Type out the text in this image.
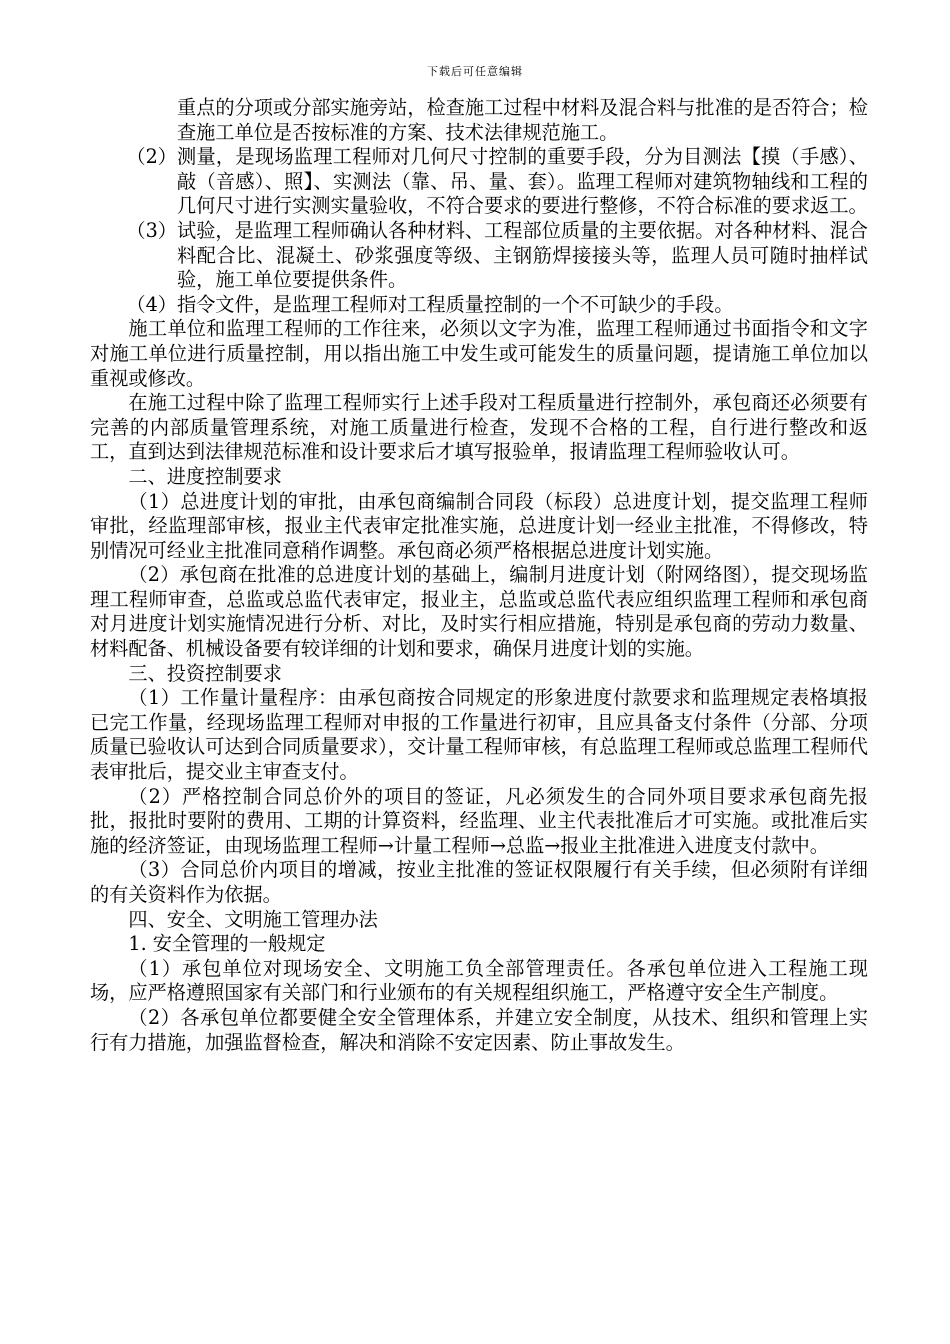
下载后可任意编辑
重点的分项或分部实施旁站，检查施工过程中材料及混合料与批准的是否符合；检查施工单位是否按标准的方案、技术法律规范施工。
（2） 测量，是现场监理工程师对几何尺寸控制的重要手段，分为目测法【摸（手感）、敲（音感）、照】、实测法（靠、吊、量、套）。监理工程师对建筑物轴线和工程的几何尺寸进行实测实量验收，不符合要求的要进行整修，不符合标准的要求返工。
（3） 试验，是监理工程师确认各种材料、工程部位质量的主要依据。对各种材料、混合料配合比、混凝土、砂浆强度等级、主钢筋焊接接头等，监理人员可随时抽样试验，施工单位要提供条件。
（4） 指令文件，是监理工程师对工程质量控制的一个不可缺少的手段。
施工单位和监理工程师的工作往来，必须以文字为准，监理工程师通过书面指令和文字对施工单位进行质量控制，用以指出施工中发生或可能发生的质量问题，提请施工单位加以重视或修改。
在施工过程中除了监理工程师实行上述手段对工程质量进行控制外，承包商还必须要有完善的内部质量管理系统，对施工质量进行检查，发现不合格的工程，自行进行整改和返工，直到达到法律规范标准和设计要求后才填写报验单，报请监理工程师验收认可。
二、进度控制要求
（1）总进度计划的审批，由承包商编制合同段（标段）总进度计划，提交监理工程师审批，经监理部审核，报业主代表审定批准实施，总进度计划一经业主批准，不得修改，特别情况可经业主批准同意稍作调整。承包商必须严格根据总进度计划实施。
（2）承包商在批准的总进度计划的基础上，编制月进度计划（附网络图），提交现场监理工程师审查，总监或总监代表审定，报业主，总监或总监代表应组织监理工程师和承包商对月进度计划实施情况进行分析、对比，及时实行相应措施，特别是承包商的劳动力数量、材料配备、机械设备要有较详细的计划和要求，确保月进度计划的实施。
三、投资控制要求
（1）工作量计量程序：由承包商按合同规定的形象进度付款要求和监理规定表格填报已完工作量，经现场监理工程师对申报的工作量进行初审，且应具备支付条件（分部、分项质量已验收认可达到合同质量要求），交计量工程师审核，有总监理工程师或总监理工程师代表审批后，提交业主审查支付。
（2）严格控制合同总价外的项目的签证，凡必须发生的合同外项目要求承包商先报批，报批时要附的费用、工期的计算资料，经监理、业主代表批准后才可实施。或批准后实施的经济签证，由现场监理工程师→计量工程师→总监→报业主批准进入进度支付款中。
（3）合同总价内项目的增减，按业主批准的签证权限履行有关手续，但必须附有详细的有关资料作为依据。
四、安全、文明施工管理办法
1. 安全管理的一般规定
（1）承包单位对现场安全、文明施工负全部管理责任。各承包单位进入工程施工现场，应严格遵照国家有关部门和行业颁布的有关规程组织施工，严格遵守安全生产制度。
（2）各承包单位都要健全安全管理体系，并建立安全制度，从技术、组织和管理上实行有力措施，加强监督检查，解决和消除不安定因素、防止事故发生。
